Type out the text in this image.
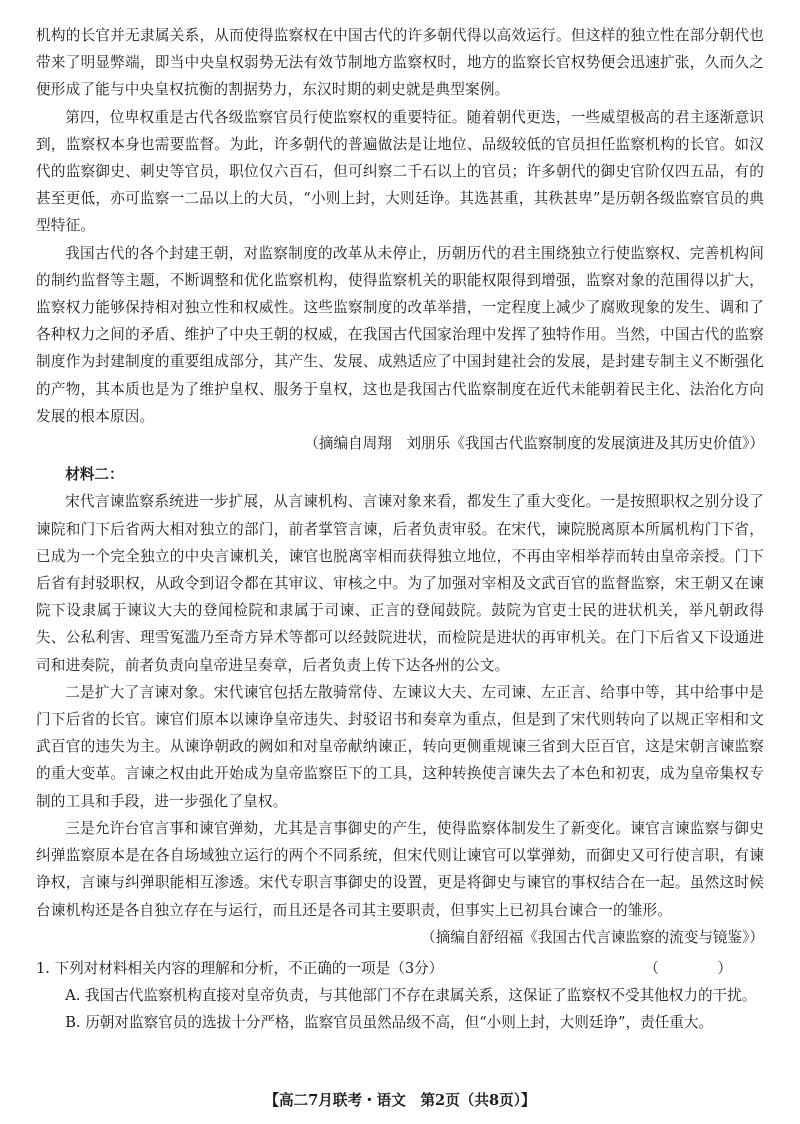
机构的长官并无隶属关系，从而使得监察权在中国古代的许多朝代得以高效运行。但这样的独立性在部分朝代也带来了明显弊端，即当中央皇权弱势无法有效节制地方监察权时，地方的监察长官权势便会迅速扩张，久而久之便形成了能与中央皇权抗衡的割据势力，东汉时期的刺史就是典型案例。

第四，位卑权重是古代各级监察官员行使监察权的重要特征。随着朝代更迭，一些威望极高的君主逐渐意识到，监察权本身也需要监督。为此，许多朝代的普遍做法是让地位、品级较低的官员担任监察机构的长官。如汉代的监察御史、刺史等官员，职位仅六百石，但可纠察二千石以上的官员；许多朝代的御史官阶仅四五品，有的甚至更低，亦可监察一二品以上的大员，“小则上封，大则廷诤。其选甚重，其秩甚卑”是历朝各级监察官员的典型特征。

我国古代的各个封建王朝，对监察制度的改革从未停止，历朝历代的君主围绕独立行使监察权、完善机构间的制约监督等主题，不断调整和优化监察机构，使得监察机关的职能权限得到增强，监察对象的范围得以扩大，监察权力能够保持相对独立性和权威性。这些监察制度的改革举措，一定程度上减少了腐败现象的发生、调和了各种权力之间的矛盾、维护了中央王朝的权威，在我国古代国家治理中发挥了独特作用。当然，中国古代的监察制度作为封建制度的重要组成部分，其产生、发展、成熟适应了中国封建社会的发展，是封建专制主义不断强化的产物，其本质也是为了维护皇权、服务于皇权，这也是我国古代监察制度在近代未能朝着民主化、法治化方向发展的根本原因。

（摘编自周翔　刘朋乐《我国古代监察制度的发展演进及其历史价值》）

材料二：

宋代言谏监察系统进一步扩展，从言谏机构、言谏对象来看，都发生了重大变化。一是按照职权之别分设了谏院和门下后省两大相对独立的部门，前者掌管言谏，后者负责审驳。在宋代，谏院脱离原本所属机构门下省，已成为一个完全独立的中央言谏机关，谏官也脱离宰相而获得独立地位，不再由宰相举荐而转由皇帝亲授。门下后省有封驳职权，从政令到诏令都在其审议、审核之中。为了加强对宰相及文武百官的监督监察，宋王朝又在谏院下设隶属于谏议大夫的登闻检院和隶属于司谏、正言的登闻鼓院。鼓院为官吏士民的进状机关，举凡朝政得失、公私利害、理雪冤滥乃至奇方异术等都可以经鼓院进状，而检院是进状的再审机关。在门下后省又下设通进司和进奏院，前者负责向皇帝进呈奏章，后者负责上传下达各州的公文。

二是扩大了言谏对象。宋代谏官包括左散骑常侍、左谏议大夫、左司谏、左正言、给事中等，其中给事中是门下后省的长官。谏官们原本以谏诤皇帝违失、封驳诏书和奏章为重点，但是到了宋代则转向了以规正宰相和文武百官的违失为主。从谏诤朝政的阙如和对皇帝献纳谏正，转向更侧重规谏三省到大臣百官，这是宋朝言谏监察的重大变革。言谏之权由此开始成为皇帝监察臣下的工具，这种转换使言谏失去了本色和初衷，成为皇帝集权专制的工具和手段，进一步强化了皇权。

三是允许台官言事和谏官弹劾，尤其是言事御史的产生，使得监察体制发生了新变化。谏官言谏监察与御史纠弹监察原本是在各自场域独立运行的两个不同系统，但宋代则让谏官可以掌弹劾，而御史又可行使言职，有谏诤权，言谏与纠弹职能相互渗透。宋代专职言事御史的设置，更是将御史与谏官的事权结合在一起。虽然这时候台谏机构还是各自独立存在与运行，而且还是各司其主要职责，但事实上已初具台谏合一的雏形。

（摘编自舒绍福《我国古代言谏监察的流变与镜鉴》）

1. 下列对材料相关内容的理解和分析，不正确的一项是（3分）	（　）

A. 我国古代监察机构直接对皇帝负责，与其他部门不存在隶属关系，这保证了监察权不受其他权力的干扰。

B. 历朝对监察官员的选拔十分严格，监察官员虽然品级不高，但“小则上封，大则廷诤”，责任重大。

【高二7月联考・语文　第2页（共8页）】
